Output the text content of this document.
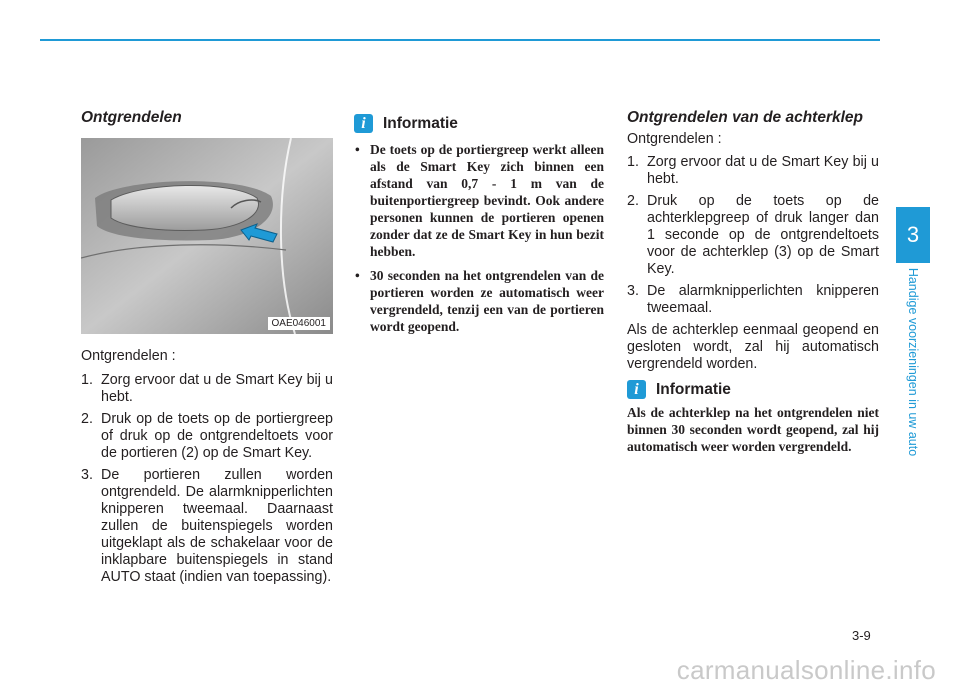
Ontgrendelen

Ontgrendelen :

1. Zorg ervoor dat u de Smart Key bij u hebt.
2. Druk op de toets op de portiergreep of druk op de ontgrendeltoets voor de portieren (2) op de Smart Key.
3. De portieren zullen worden ontgrendeld. De alarmknipperlichten knipperen tweemaal. Daarnaast zullen de buitenspiegels worden uitgeklapt als de schakelaar voor de inklapbare buitenspiegels in stand AUTO staat (indien van toepassing).
OAE046001
i	Informatie
• De toets op de portiergreep werkt alleen als de Smart Key zich binnen een afstand van 0,7 - 1 m van de buitenportiergreep bevindt. Ook andere personen kunnen de portieren openen zonder dat ze de Smart Key in hun bezit hebben.
• 30 seconden na het ontgrendelen van de portieren worden ze automatisch weer vergrendeld, tenzij een van de portieren wordt geopend.

Ontgrendelen van de achterklep

Ontgrendelen :

1. Zorg ervoor dat u de Smart Key bij u hebt.
2. Druk op de toets op de achterklepgreep of druk langer dan 1 seconde op de ontgrendeltoets voor de achterklep (3) op de Smart Key.
3. De alarmknipperlichten knipperen tweemaal.

Als de achterklep eenmaal geopend en gesloten wordt, zal hij automatisch vergrendeld worden.

i	Informatie

Als de achterklep na het ontgrendelen niet binnen 30 seconden wordt geopend, zal hij automatisch weer worden vergrendeld.

3
Handige voorzieningen in uw auto
3-9
carmanualsonline.info
